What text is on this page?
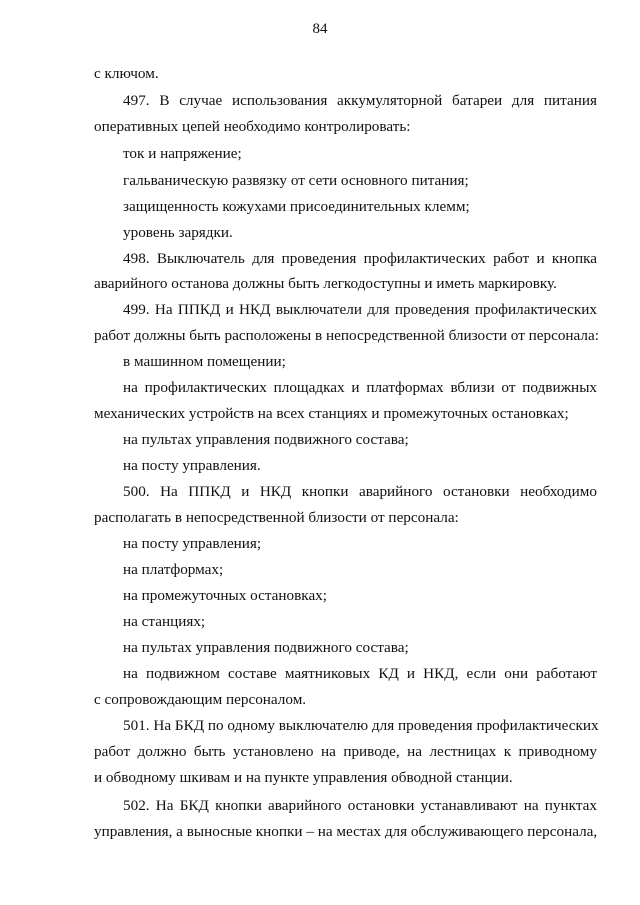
84
с ключом.
497. В случае использования аккумуляторной батареи для питания
оперативных цепей необходимо контролировать:
ток и напряжение;
гальваническую развязку от сети основного питания;
защищенность кожухами присоединительных клемм;
уровень зарядки.
498. Выключатель для проведения профилактических работ и кнопка
аварийного останова должны быть легкодоступны и иметь маркировку.
499. На ППКД и НКД выключатели для проведения профилактических
работ должны быть расположены в непосредственной близости от персонала:
в машинном помещении;
на профилактических площадках и платформах вблизи от подвижных
механических устройств на всех станциях и промежуточных остановках;
на пультах управления подвижного состава;
на посту управления.
500. На ППКД и НКД кнопки аварийного остановки необходимо
располагать в непосредственной близости от персонала:
на посту управления;
на платформах;
на промежуточных остановках;
на станциях;
на пультах управления подвижного состава;
на подвижном составе маятниковых КД и НКД, если они работают
с сопровождающим персоналом.
501. На БКД по одному выключателю для проведения профилактических
работ должно быть установлено на приводе, на лестницах к приводному
и обводному шкивам и на пункте управления обводной станции.
502. На БКД кнопки аварийного остановки устанавливают на пунктах
управления, а выносные кнопки – на местах для обслуживающего персонала,
